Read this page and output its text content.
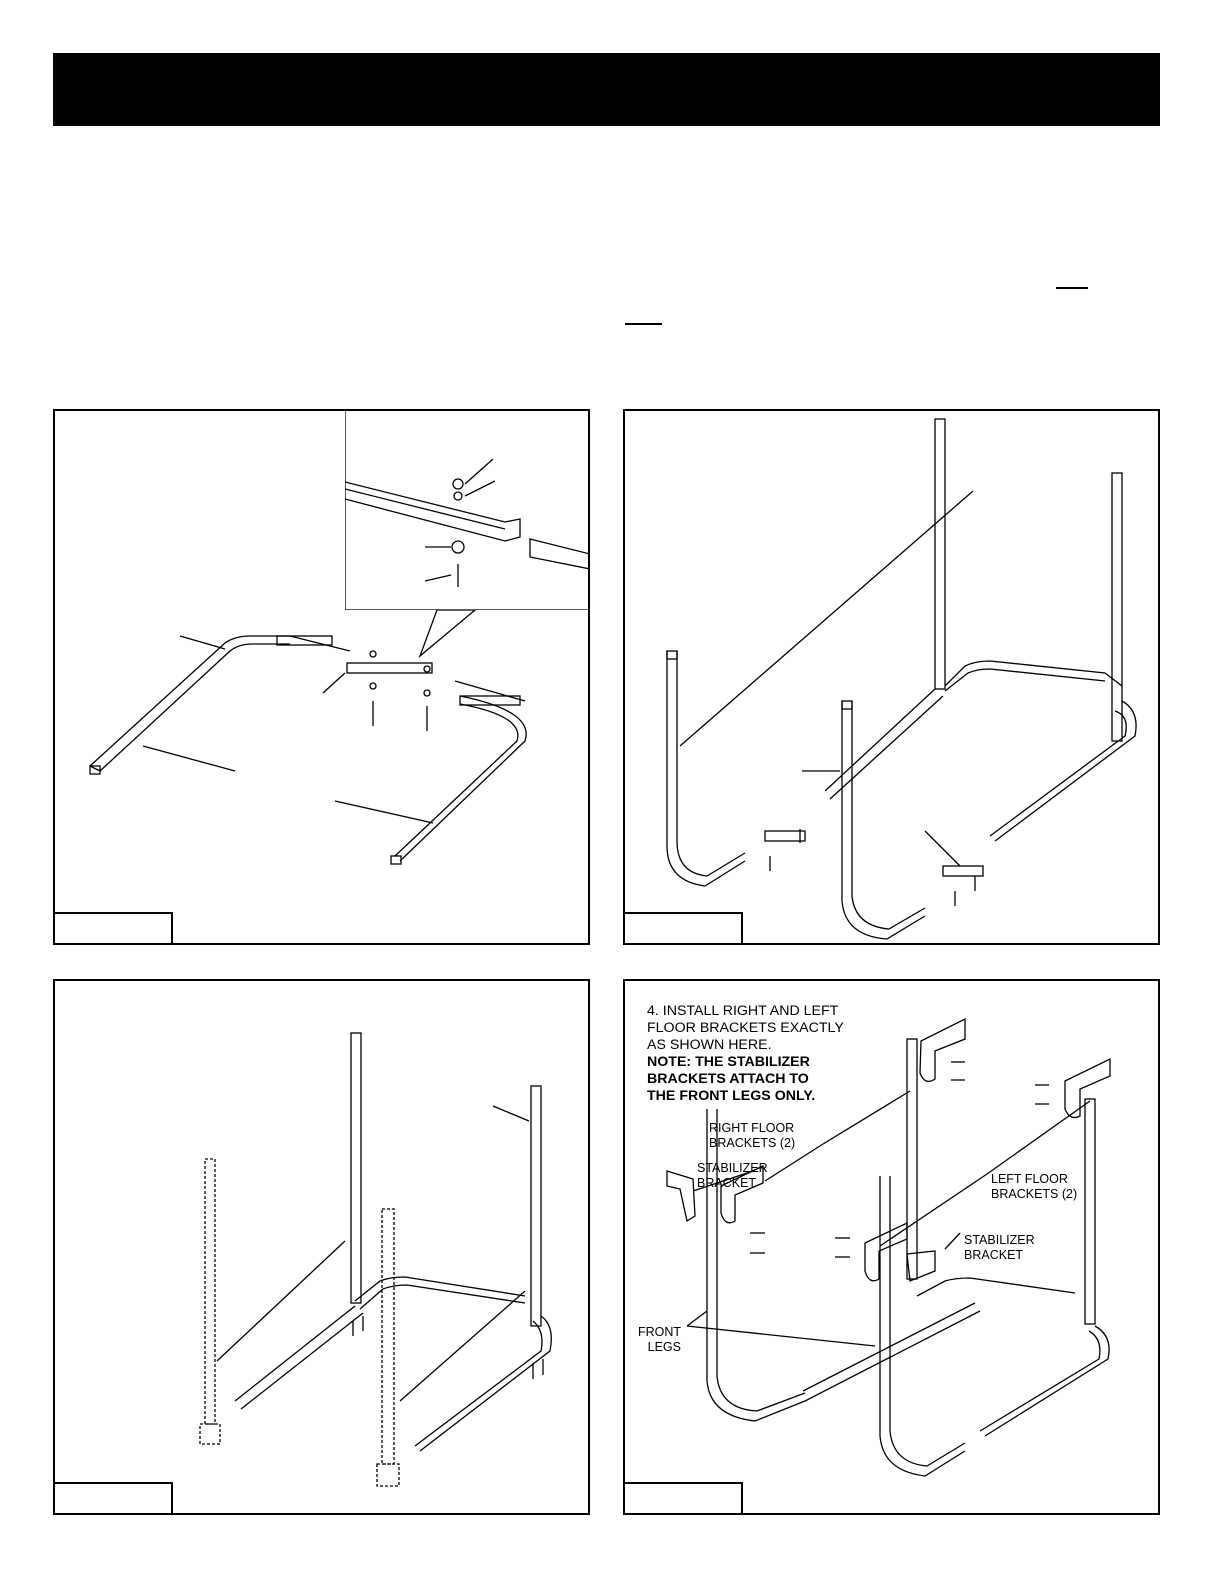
4. INSTALL RIGHT AND LEFT
FLOOR BRACKETS EXACTLY
AS SHOWN HERE.
NOTE: THE STABILIZER
BRACKETS ATTACH TO
THE FRONT LEGS ONLY.
RIGHT FLOOR
BRACKETS (2)
STABILIZER
BRACKET	LEFT FLOOR
BRACKETS (2)
STABILIZER
BRACKET
FRONT
LEGS
